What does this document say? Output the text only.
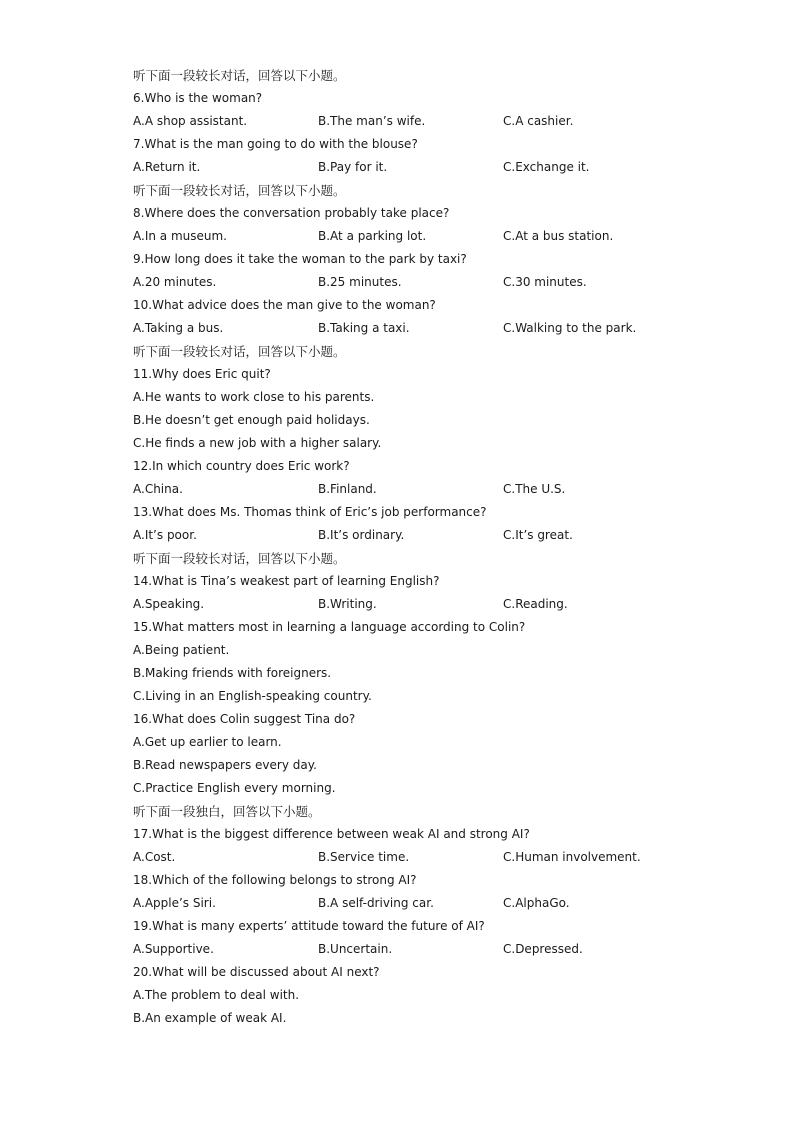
听下面一段较长对话，回答以下小题。
6.Who is the woman?
A.A shop assistant.	B.The man’s wife.	C.A cashier.
7.What is the man going to do with the blouse?
A.Return it.	B.Pay for it.	C.Exchange it.
听下面一段较长对话，回答以下小题。
8.Where does the conversation probably take place?
A.In a museum.	B.At a parking lot.	C.At a bus station.
9.How long does it take the woman to the park by taxi?
A.20 minutes.	B.25 minutes.	C.30 minutes.
10.What advice does the man give to the woman?
A.Taking a bus.	B.Taking a taxi.	C.Walking to the park.
听下面一段较长对话，回答以下小题。
11.Why does Eric quit?
A.He wants to work close to his parents.
B.He doesn’t get enough paid holidays.
C.He finds a new job with a higher salary.
12.In which country does Eric work?
A.China.	B.Finland.	C.The U.S.
13.What does Ms. Thomas think of Eric’s job performance?
A.It’s poor.	B.It’s ordinary.	C.It’s great.
听下面一段较长对话，回答以下小题。
14.What is Tina’s weakest part of learning English?
A.Speaking.	B.Writing.	C.Reading.
15.What matters most in learning a language according to Colin?
A.Being patient.
B.Making friends with foreigners.
C.Living in an English-speaking country.
16.What does Colin suggest Tina do?
A.Get up earlier to learn.
B.Read newspapers every day.
C.Practice English every morning.
听下面一段独白，回答以下小题。
17.What is the biggest difference between weak AI and strong AI?
A.Cost.	B.Service time.	C.Human involvement.
18.Which of the following belongs to strong AI?
A.Apple’s Siri.	B.A self-driving car.	C.AlphaGo.
19.What is many experts’ attitude toward the future of AI?
A.Supportive.	B.Uncertain.	C.Depressed.
20.What will be discussed about AI next?
A.The problem to deal with.
B.An example of weak AI.
